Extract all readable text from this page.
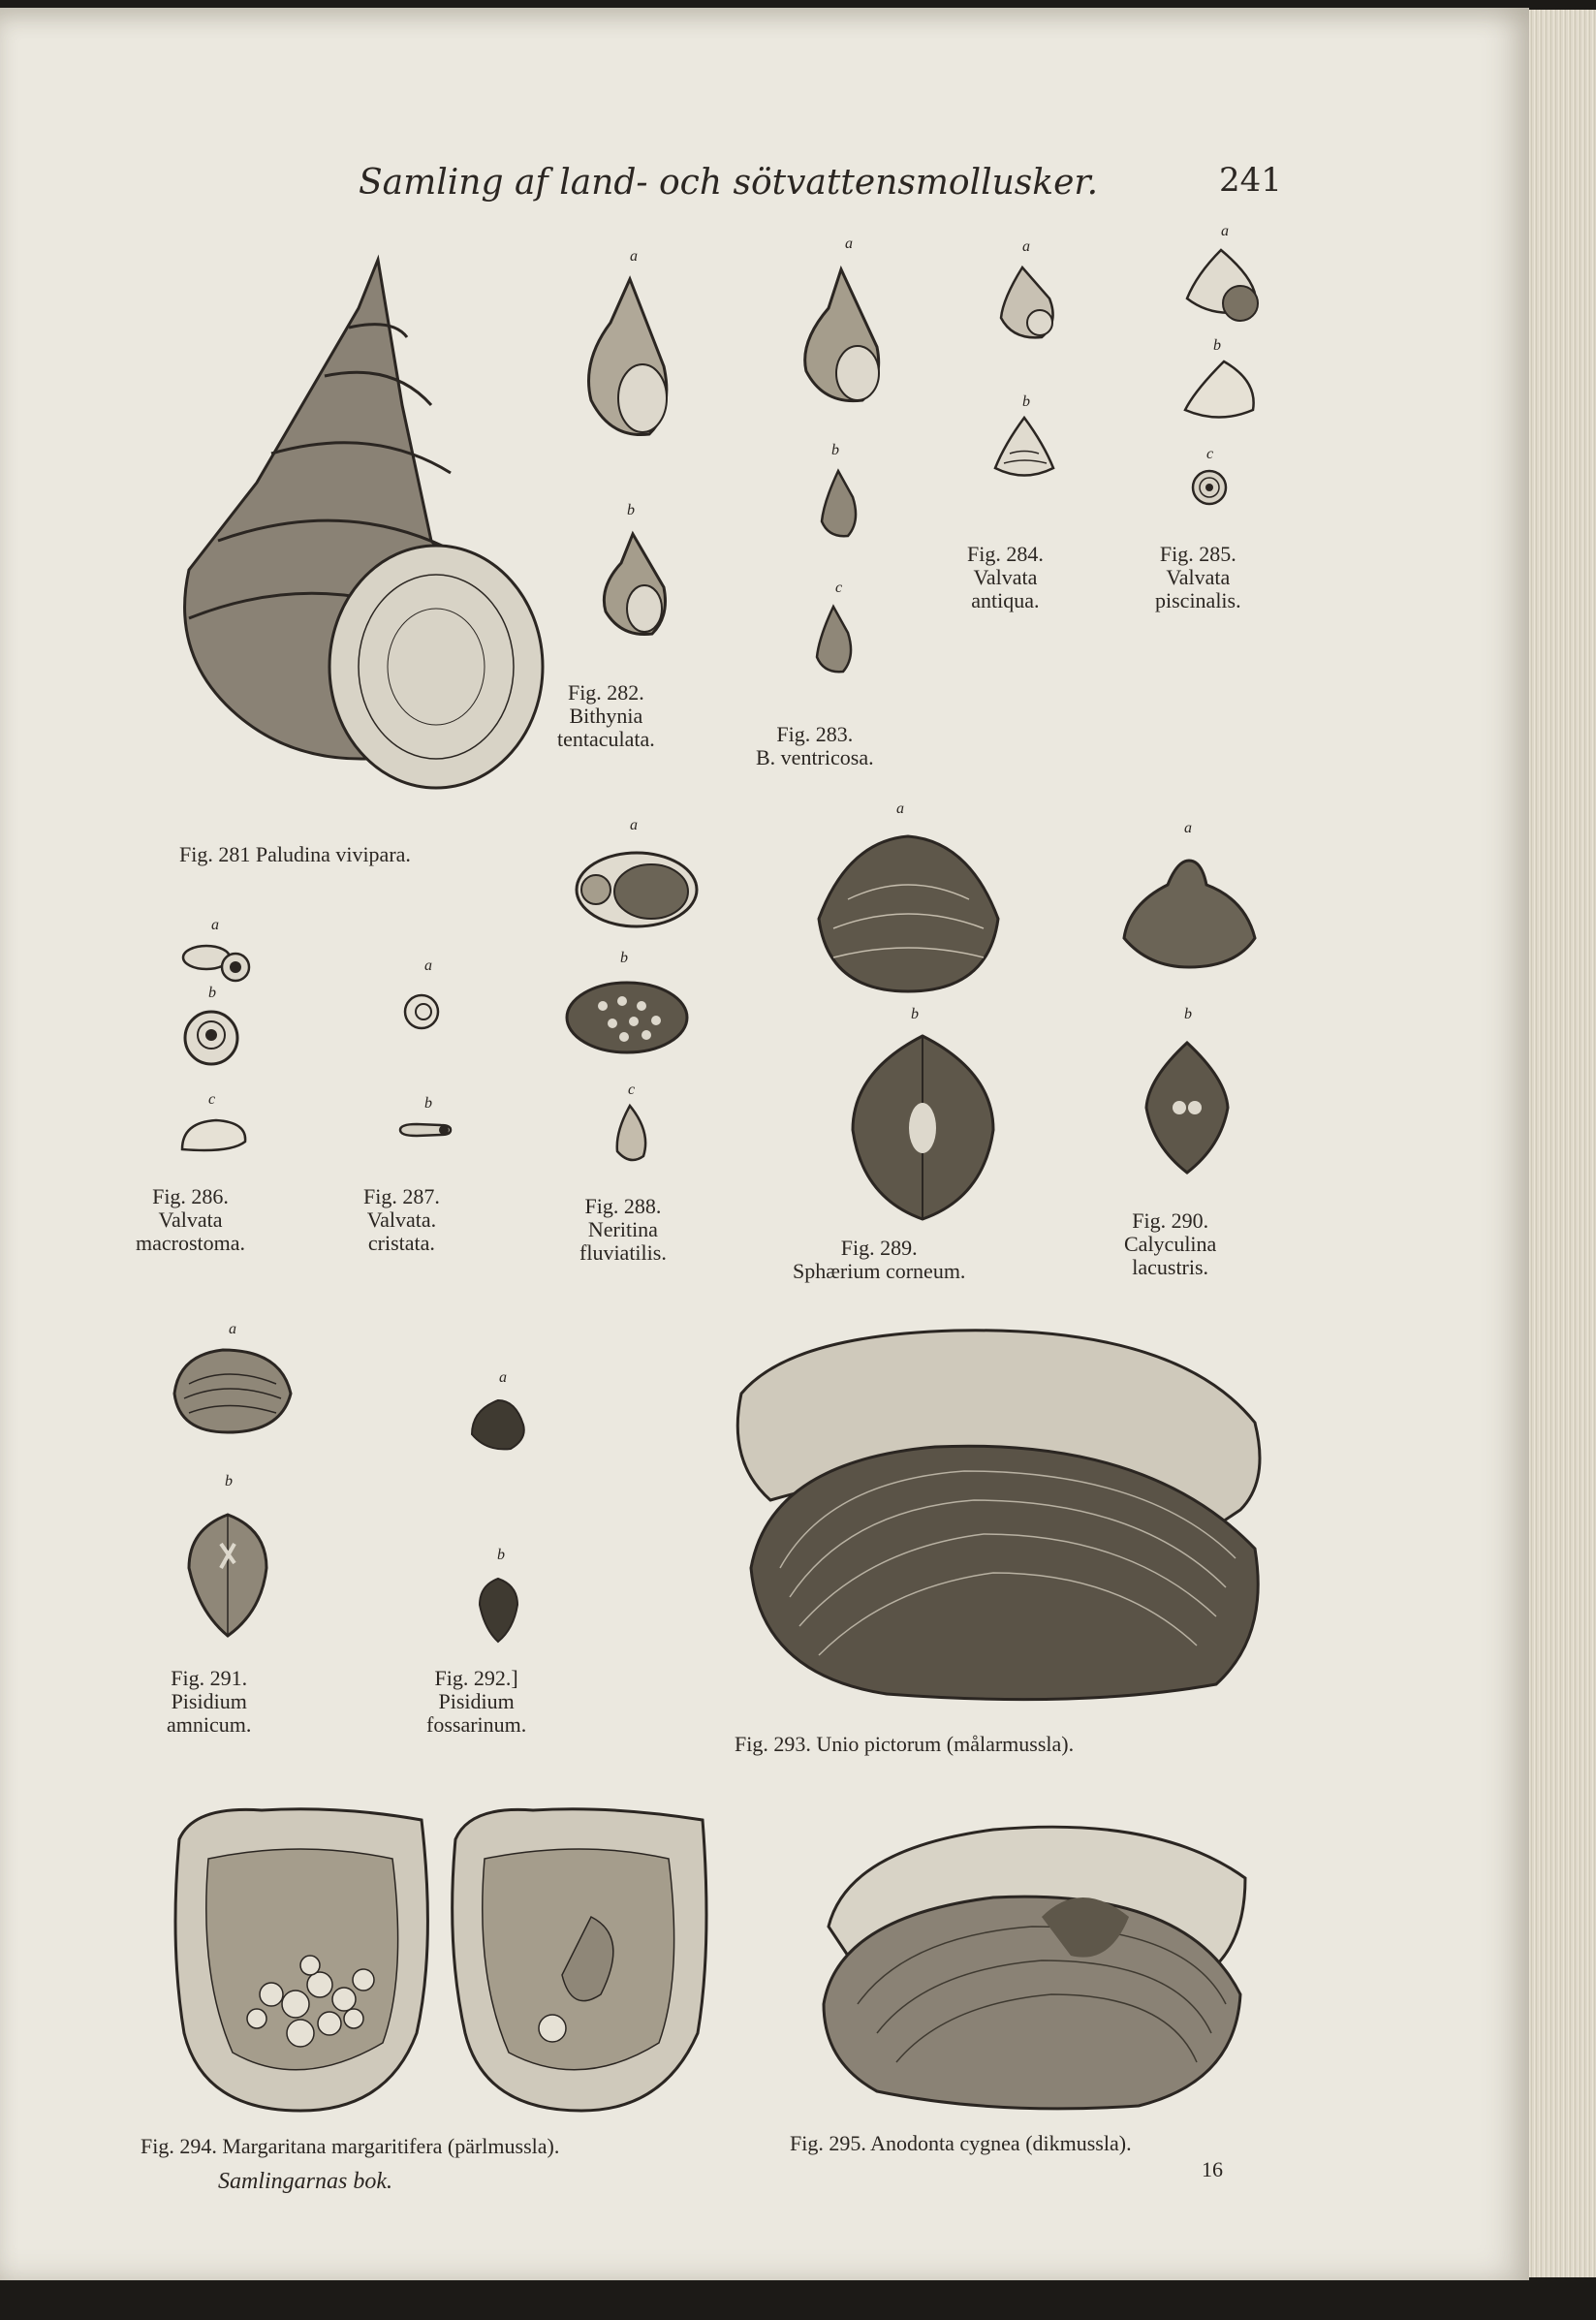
Samling af land- och sötvattensmollusker.	241
Fig. 281 Paludina vivipara.
a
b
Fig. 282.
Bithynia
tentaculata.
a
b
c
Fig. 283.
B. ventricosa.
a
b
Fig. 284.
Valvata
antiqua.
a
b
c
Fig. 285.
Valvata
piscinalis.
a
b
c
Fig. 286.
Valvata
macrostoma.
a
b
Fig. 287.
Valvata.
cristata.
a
b
c
Fig. 288.
Neritina
fluviatilis.
a
b
Fig. 289.
Sphærium corneum.
a
b
Fig. 290.
Calyculina
lacustris.
a
b
Fig. 291.
Pisidium
amnicum.
a
b
Fig. 292.]
Pisidium
fossarinum.
Fig. 293. Unio pictorum (målarmussla).
Fig. 294. Margaritana margaritifera (pärlmussla).	Fig. 295. Anodonta cygnea (dikmussla).
Samlingarnas bok.	16
